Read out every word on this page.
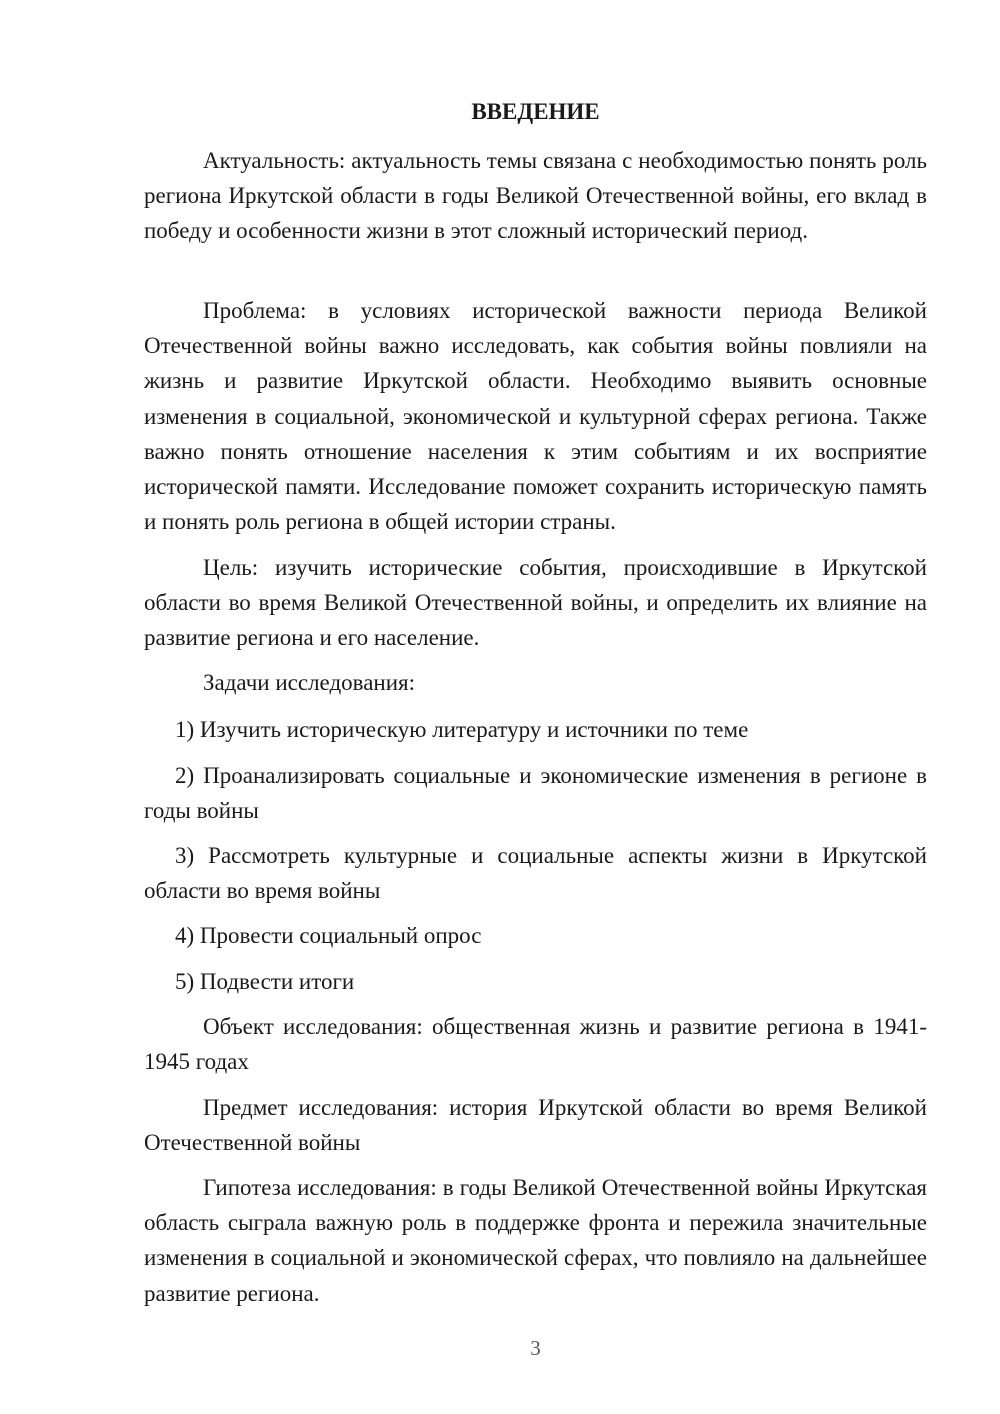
ВВЕДЕНИЕ

Актуальность: актуальность темы связана с необходимостью понять роль региона Иркутской области в годы Великой Отечественной войны, его вклад в победу и особенности жизни в этот сложный исторический период.

Проблема: в условиях исторической важности периода Великой Отечественной войны важно исследовать, как события войны повлияли на жизнь и развитие Иркутской области. Необходимо выявить основные изменения в социальной, экономической и культурной сферах региона. Также важно понять отношение населения к этим событиям и их восприятие исторической памяти. Исследование поможет сохранить историческую память и понять роль региона в общей истории страны.

Цель: изучить исторические события, происходившие в Иркутской области во время Великой Отечественной войны, и определить их влияние на развитие региона и его население.

Задачи исследования:

1) Изучить историческую литературу и источники по теме

2) Проанализировать социальные и экономические изменения в регионе в годы войны

3) Рассмотреть культурные и социальные аспекты жизни в Иркутской области во время войны

4) Провести социальный опрос

5) Подвести итоги

Объект исследования: общественная жизнь и развитие региона в 1941-1945 годах

Предмет исследования: история Иркутской области во время Великой Отечественной войны

Гипотеза исследования: в годы Великой Отечественной войны Иркутская область сыграла важную роль в поддержке фронта и пережила значительные изменения в социальной и экономической сферах, что повлияло на дальнейшее развитие региона.

3
